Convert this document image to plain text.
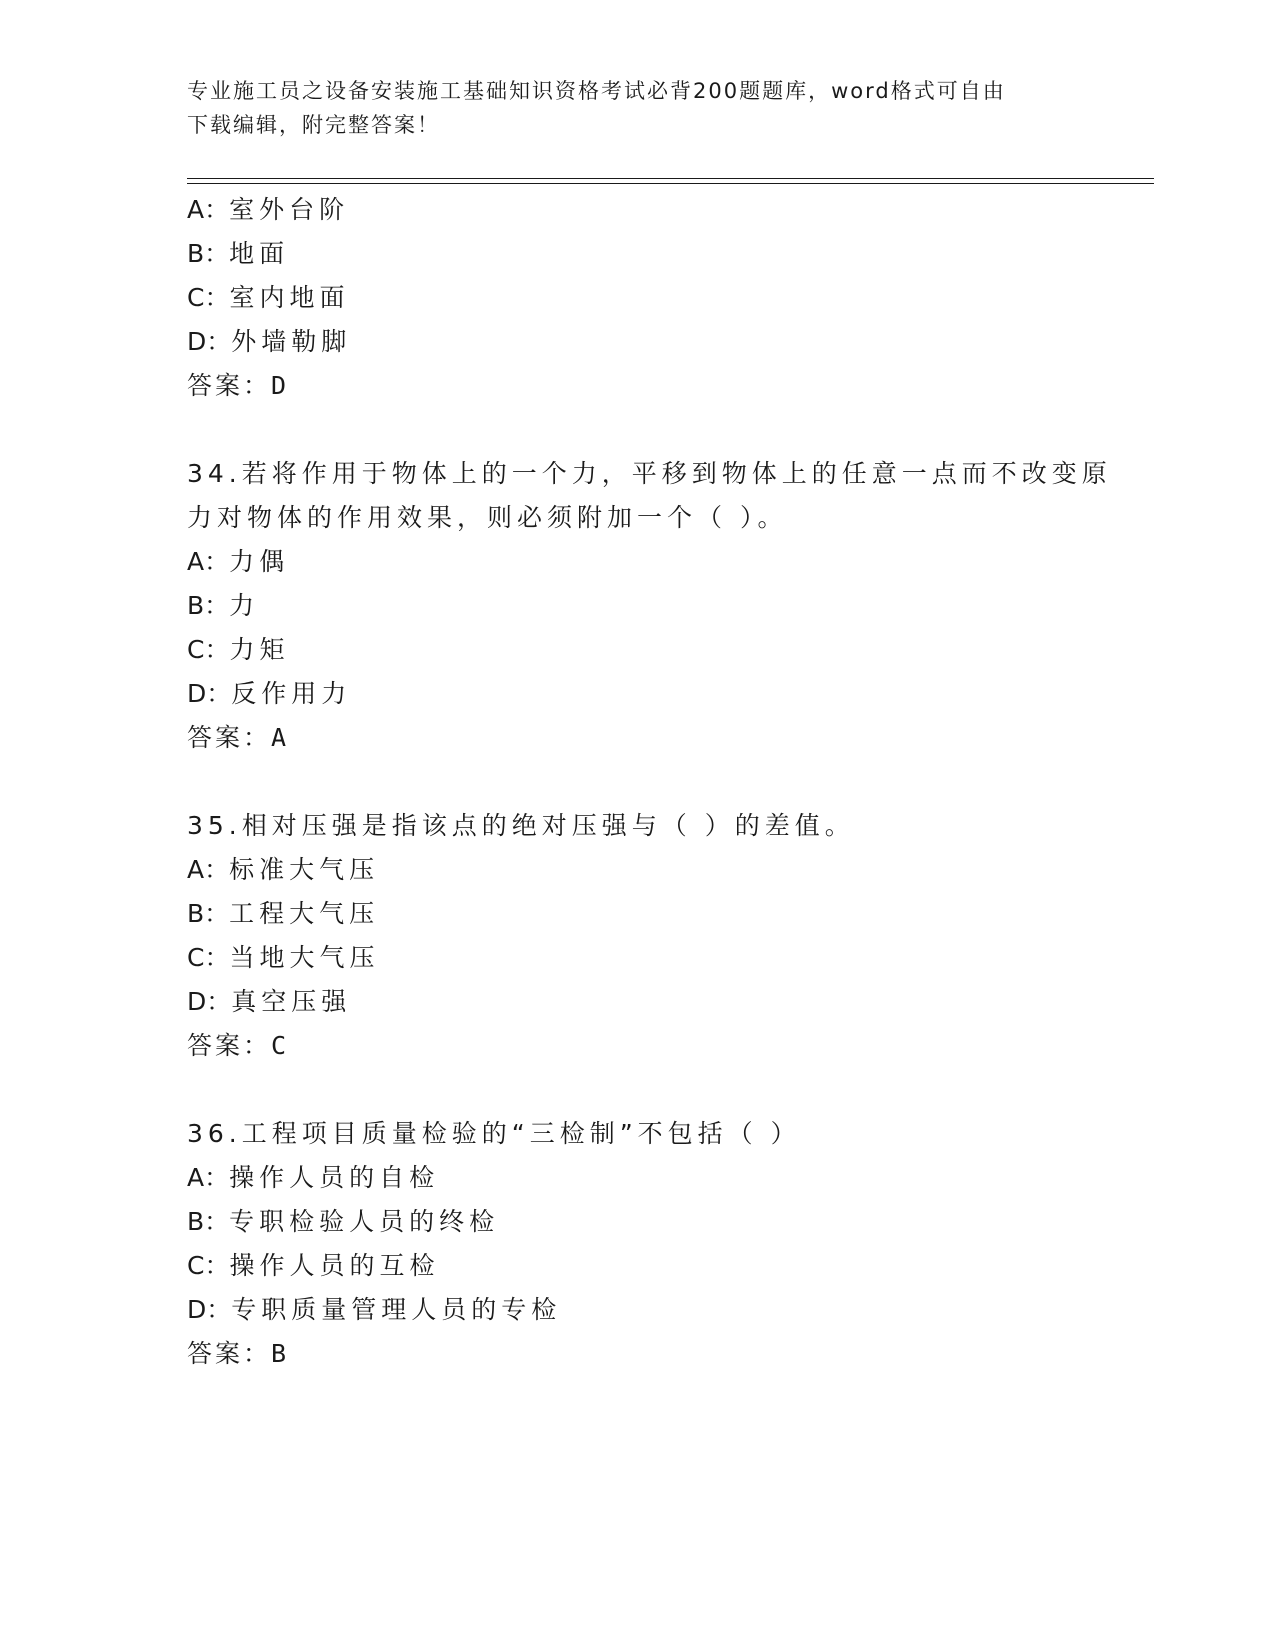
专业施工员之设备安装施工基础知识资格考试必背200题题库，word格式可自由
下载编辑，附完整答案！
A：室外台阶
B：地面
C：室内地面
D：外墙勒脚
答案：D
34.若将作用于物体上的一个力，平移到物体上的任意一点而不改变原
力对物体的作用效果，则必须附加一个（ ）。
A：力偶
B：力
C：力矩
D：反作用力
答案：A
35.相对压强是指该点的绝对压强与（ ）的差值。
A：标准大气压
B：工程大气压
C：当地大气压
D：真空压强
答案：C
36.工程项目质量检验的“三检制”不包括（ ）
A：操作人员的自检
B：专职检验人员的终检
C：操作人员的互检
D：专职质量管理人员的专检
答案：B
